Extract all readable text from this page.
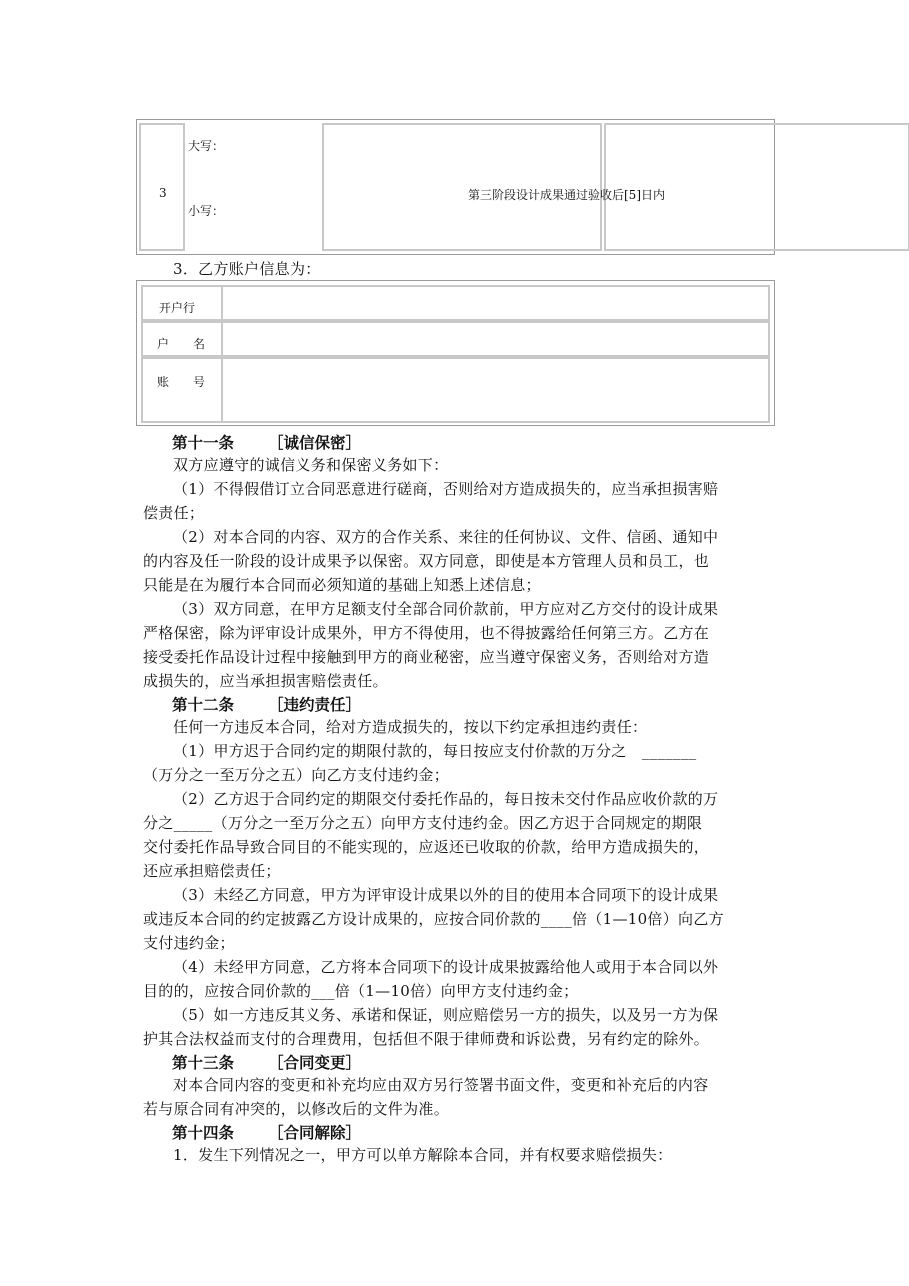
3
大写：
小写：
第三阶段设计成果通过验收后[5]日内
3．乙方账户信息为：
开户行
户　　名
账　　号
第十一条 ［诚信保密］
双方应遵守的诚信义务和保密义务如下：
（1）不得假借订立合同恶意进行磋商，否则给对方造成损失的，应当承担损害赔
偿责任；
（2）对本合同的内容、双方的合作关系、来往的任何协议、文件、信函、通知中
的内容及任一阶段的设计成果予以保密。双方同意，即使是本方管理人员和员工，也
只能是在为履行本合同而必须知道的基础上知悉上述信息；
（3）双方同意，在甲方足额支付全部合同价款前，甲方应对乙方交付的设计成果
严格保密，除为评审设计成果外，甲方不得使用，也不得披露给任何第三方。乙方在
接受委托作品设计过程中接触到甲方的商业秘密，应当遵守保密义务，否则给对方造
成损失的，应当承担损害赔偿责任。
第十二条 ［违约责任］
任何一方违反本合同，给对方造成损失的，按以下约定承担违约责任：
（1）甲方迟于合同约定的期限付款的，每日按应支付价款的万分之　_______
（万分之一至万分之五）向乙方支付违约金；
（2）乙方迟于合同约定的期限交付委托作品的，每日按未交付作品应收价款的万
分之_____（万分之一至万分之五）向甲方支付违约金。因乙方迟于合同规定的期限
交付委托作品导致合同目的不能实现的，应返还已收取的价款，给甲方造成损失的，
还应承担赔偿责任；
（3）未经乙方同意，甲方为评审设计成果以外的目的使用本合同项下的设计成果
或违反本合同的约定披露乙方设计成果的，应按合同价款的____倍（1—10倍）向乙方
支付违约金；
（4）未经甲方同意，乙方将本合同项下的设计成果披露给他人或用于本合同以外
目的的，应按合同价款的___倍（1—10倍）向甲方支付违约金；
（5）如一方违反其义务、承诺和保证，则应赔偿另一方的损失，以及另一方为保
护其合法权益而支付的合理费用，包括但不限于律师费和诉讼费，另有约定的除外。
第十三条 ［合同变更］
对本合同内容的变更和补充均应由双方另行签署书面文件，变更和补充后的内容
若与原合同有冲突的，以修改后的文件为准。
第十四条 ［合同解除］
1．发生下列情况之一，甲方可以单方解除本合同，并有权要求赔偿损失：
